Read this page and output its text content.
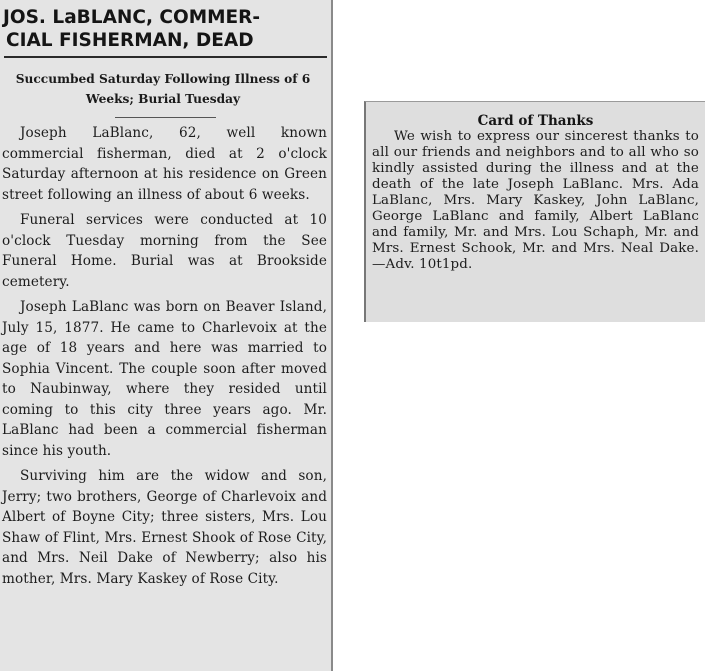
JOS. LaBLANC, COMMER-
CIAL FISHERMAN, DEAD
Succumbed Saturday Following Illness of 6 Weeks; Burial Tuesday

Joseph LaBlanc, 62, well known commercial fisherman, died at 2 o'clock Saturday afternoon at his residence on Green street following an illness of about 6 weeks.

Funeral services were conducted at 10 o'clock Tuesday morning from the See Funeral Home. Burial was at Brookside cemetery.

Joseph LaBlanc was born on Beaver Island, July 15, 1877. He came to Charlevoix at the age of 18 years and here was married to Sophia Vincent. The couple soon after moved to Naubinway, where they resided until coming to this city three years ago. Mr. LaBlanc had been a commercial fisherman since his youth.

Surviving him are the widow and son, Jerry; two brothers, George of Charlevoix and Albert of Boyne City; three sisters, Mrs. Lou Shaw of Flint, Mrs. Ernest Shook of Rose City, and Mrs. Neil Dake of Newberry; also his mother, Mrs. Mary Kaskey of Rose City.

Card of Thanks

We wish to express our sincerest thanks to all our friends and neighbors and to all who so kindly assisted during the illness and at the death of the late Joseph LaBlanc. Mrs. Ada LaBlanc, Mrs. Mary Kaskey, John LaBlanc, George LaBlanc and family, Albert LaBlanc and family, Mr. and Mrs. Lou Schaph, Mr. and Mrs. Ernest Schook, Mr. and Mrs. Neal Dake.—Adv. 10t1pd.
